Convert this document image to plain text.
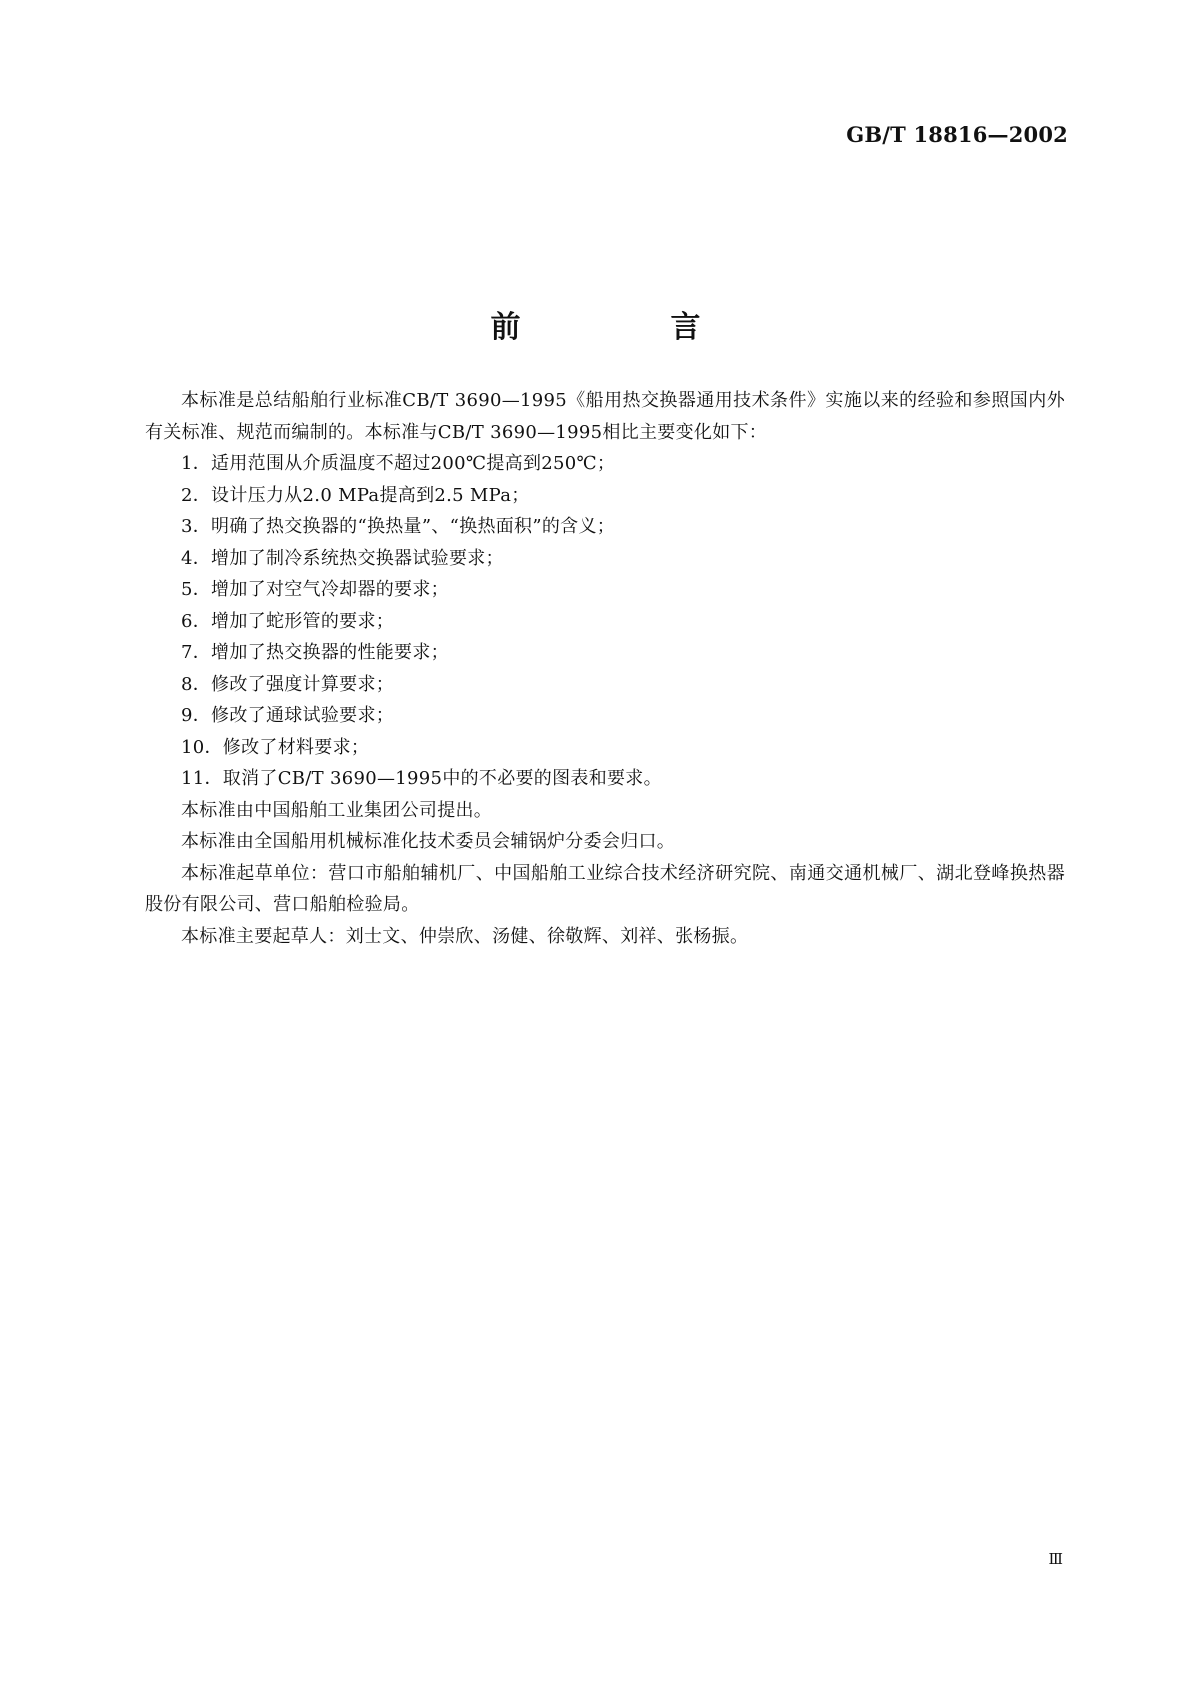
GB/T 18816—2002
前　言

本标准是总结船舶行业标准CB/T 3690—1995《船用热交换器通用技术条件》实施以来的经验和参照国内外有关标准、规范而编制的。本标准与CB/T 3690—1995相比主要变化如下：

1．适用范围从介质温度不超过200℃提高到250℃；

2．设计压力从2.0 MPa提高到2.5 MPa；

3．明确了热交换器的“换热量”、“换热面积”的含义；

4．增加了制冷系统热交换器试验要求；

5．增加了对空气冷却器的要求；

6．增加了蛇形管的要求；

7．增加了热交换器的性能要求；

8．修改了强度计算要求；

9．修改了通球试验要求；

10．修改了材料要求；

11．取消了CB/T 3690—1995中的不必要的图表和要求。

本标准由中国船舶工业集团公司提出。

本标准由全国船用机械标准化技术委员会辅锅炉分委会归口。

本标准起草单位：营口市船舶辅机厂、中国船舶工业综合技术经济研究院、南通交通机械厂、湖北登峰换热器股份有限公司、营口船舶检验局。

本标准主要起草人：刘士文、仲崇欣、汤健、徐敬辉、刘祥、张杨振。

Ⅲ
